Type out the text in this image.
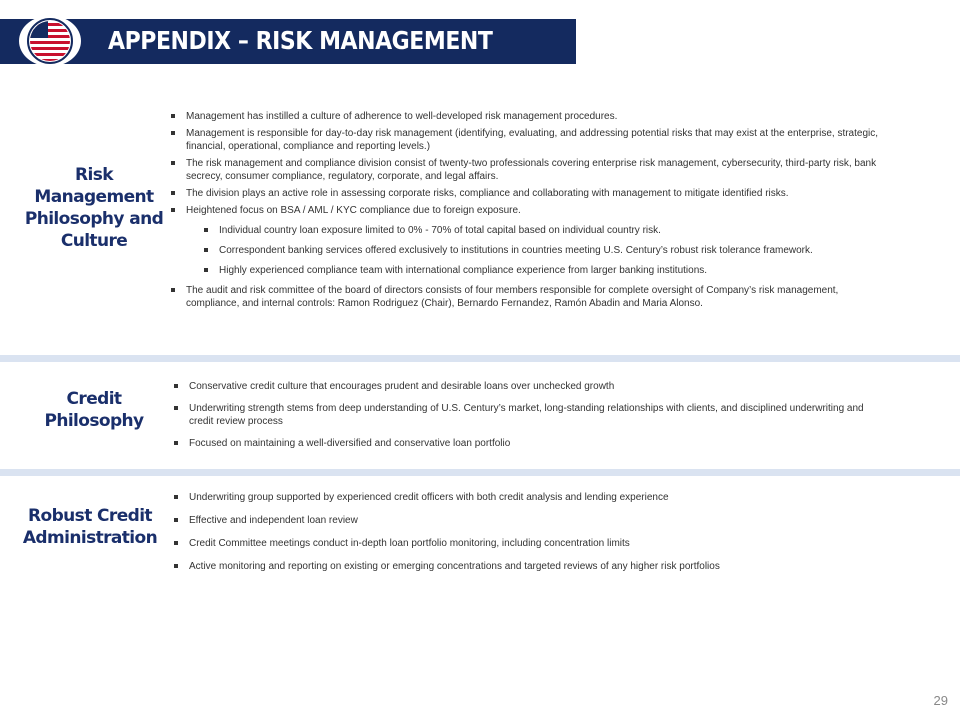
APPENDIX – RISK MANAGEMENT
Risk Management Philosophy and Culture
Management has instilled a culture of adherence to well-developed risk management procedures.
Management is responsible for day-to-day risk management (identifying, evaluating, and addressing potential risks that may exist at the enterprise, strategic, financial, operational, compliance and reporting levels.)
The risk management and compliance division consist of twenty-two professionals covering enterprise risk management, cybersecurity, third-party risk, bank secrecy, consumer compliance, regulatory, corporate, and legal affairs.
The division plays an active role in assessing corporate risks, compliance and collaborating with management to mitigate identified risks.
Heightened focus on BSA / AML / KYC compliance due to foreign exposure.
Individual country loan exposure limited to 0% - 70% of total capital based on individual country risk.
Correspondent banking services offered exclusively to institutions in countries meeting U.S. Century’s robust risk tolerance framework.
Highly experienced compliance team with international compliance experience from larger banking institutions.
The audit and risk committee of the board of directors consists of four members responsible for complete oversight of Company’s risk management, compliance, and internal controls: Ramon Rodriguez (Chair), Bernardo Fernandez, Ramón Abadin and Maria Alonso.
Credit Philosophy
Conservative credit culture that encourages prudent and desirable loans over unchecked growth
Underwriting strength stems from deep understanding of U.S. Century’s market, long-standing relationships with clients, and disciplined underwriting and credit review process
Focused on maintaining a well-diversified and conservative loan portfolio
Robust Credit Administration
Underwriting group supported by experienced credit officers with both credit analysis and lending experience
Effective and independent loan review
Credit Committee meetings conduct in-depth loan portfolio monitoring, including concentration limits
Active monitoring and reporting on existing or emerging concentrations and targeted reviews of any higher risk portfolios
29
